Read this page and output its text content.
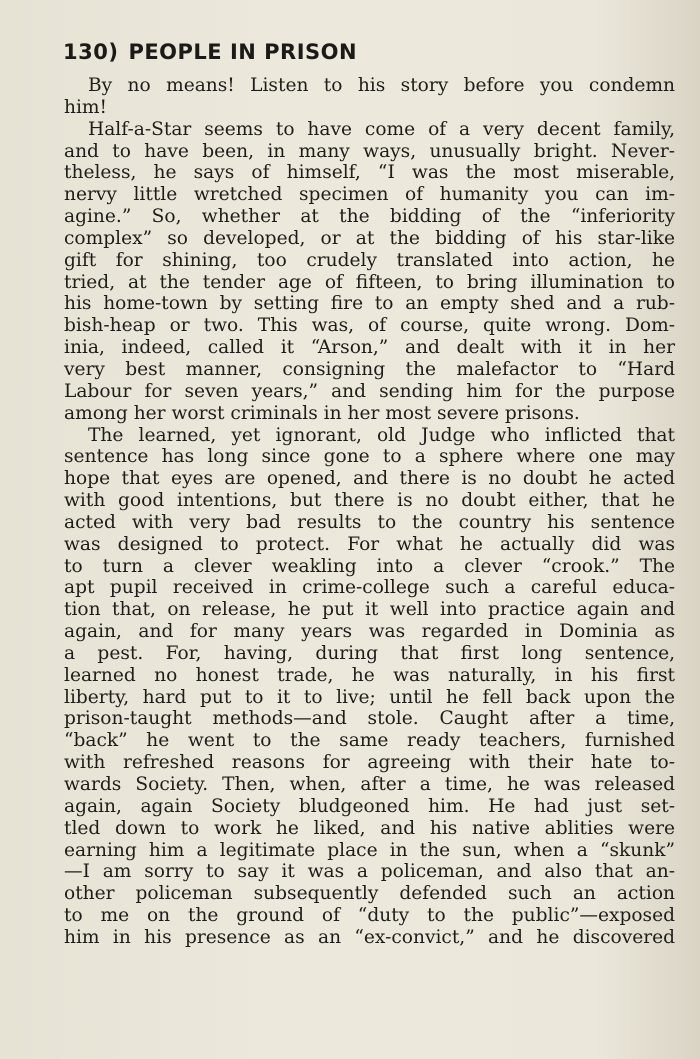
130) PEOPLE IN PRISON
By no means! Listen to his story before you condemn
him!
Half-a-Star seems to have come of a very decent family,
and to have been, in many ways, unusually bright. Never-
theless, he says of himself, “I was the most miserable,
nervy little wretched specimen of humanity you can im-
agine.” So, whether at the bidding of the “inferiority
complex” so developed, or at the bidding of his star-like
gift for shining, too crudely translated into action, he
tried, at the tender age of fifteen, to bring illumination to
his home-town by setting fire to an empty shed and a rub-
bish-heap or two. This was, of course, quite wrong. Dom-
inia, indeed, called it “Arson,” and dealt with it in her
very best manner, consigning the malefactor to “Hard
Labour for seven years,” and sending him for the purpose
among her worst criminals in her most severe prisons.
The learned, yet ignorant, old Judge who inflicted that
sentence has long since gone to a sphere where one may
hope that eyes are opened, and there is no doubt he acted
with good intentions, but there is no doubt either, that he
acted with very bad results to the country his sentence
was designed to protect. For what he actually did was
to turn a clever weakling into a clever “crook.” The
apt pupil received in crime-college such a careful educa-
tion that, on release, he put it well into practice again and
again, and for many years was regarded in Dominia as
a pest. For, having, during that first long sentence,
learned no honest trade, he was naturally, in his first
liberty, hard put to it to live; until he fell back upon the
prison-taught methods—and stole. Caught after a time,
“back” he went to the same ready teachers, furnished
with refreshed reasons for agreeing with their hate to-
wards Society. Then, when, after a time, he was released
again, again Society bludgeoned him. He had just set-
tled down to work he liked, and his native ablities were
earning him a legitimate place in the sun, when a “skunk”
—I am sorry to say it was a policeman, and also that an-
other policeman subsequently defended such an action
to me on the ground of “duty to the public”—exposed
him in his presence as an “ex-convict,” and he discovered
